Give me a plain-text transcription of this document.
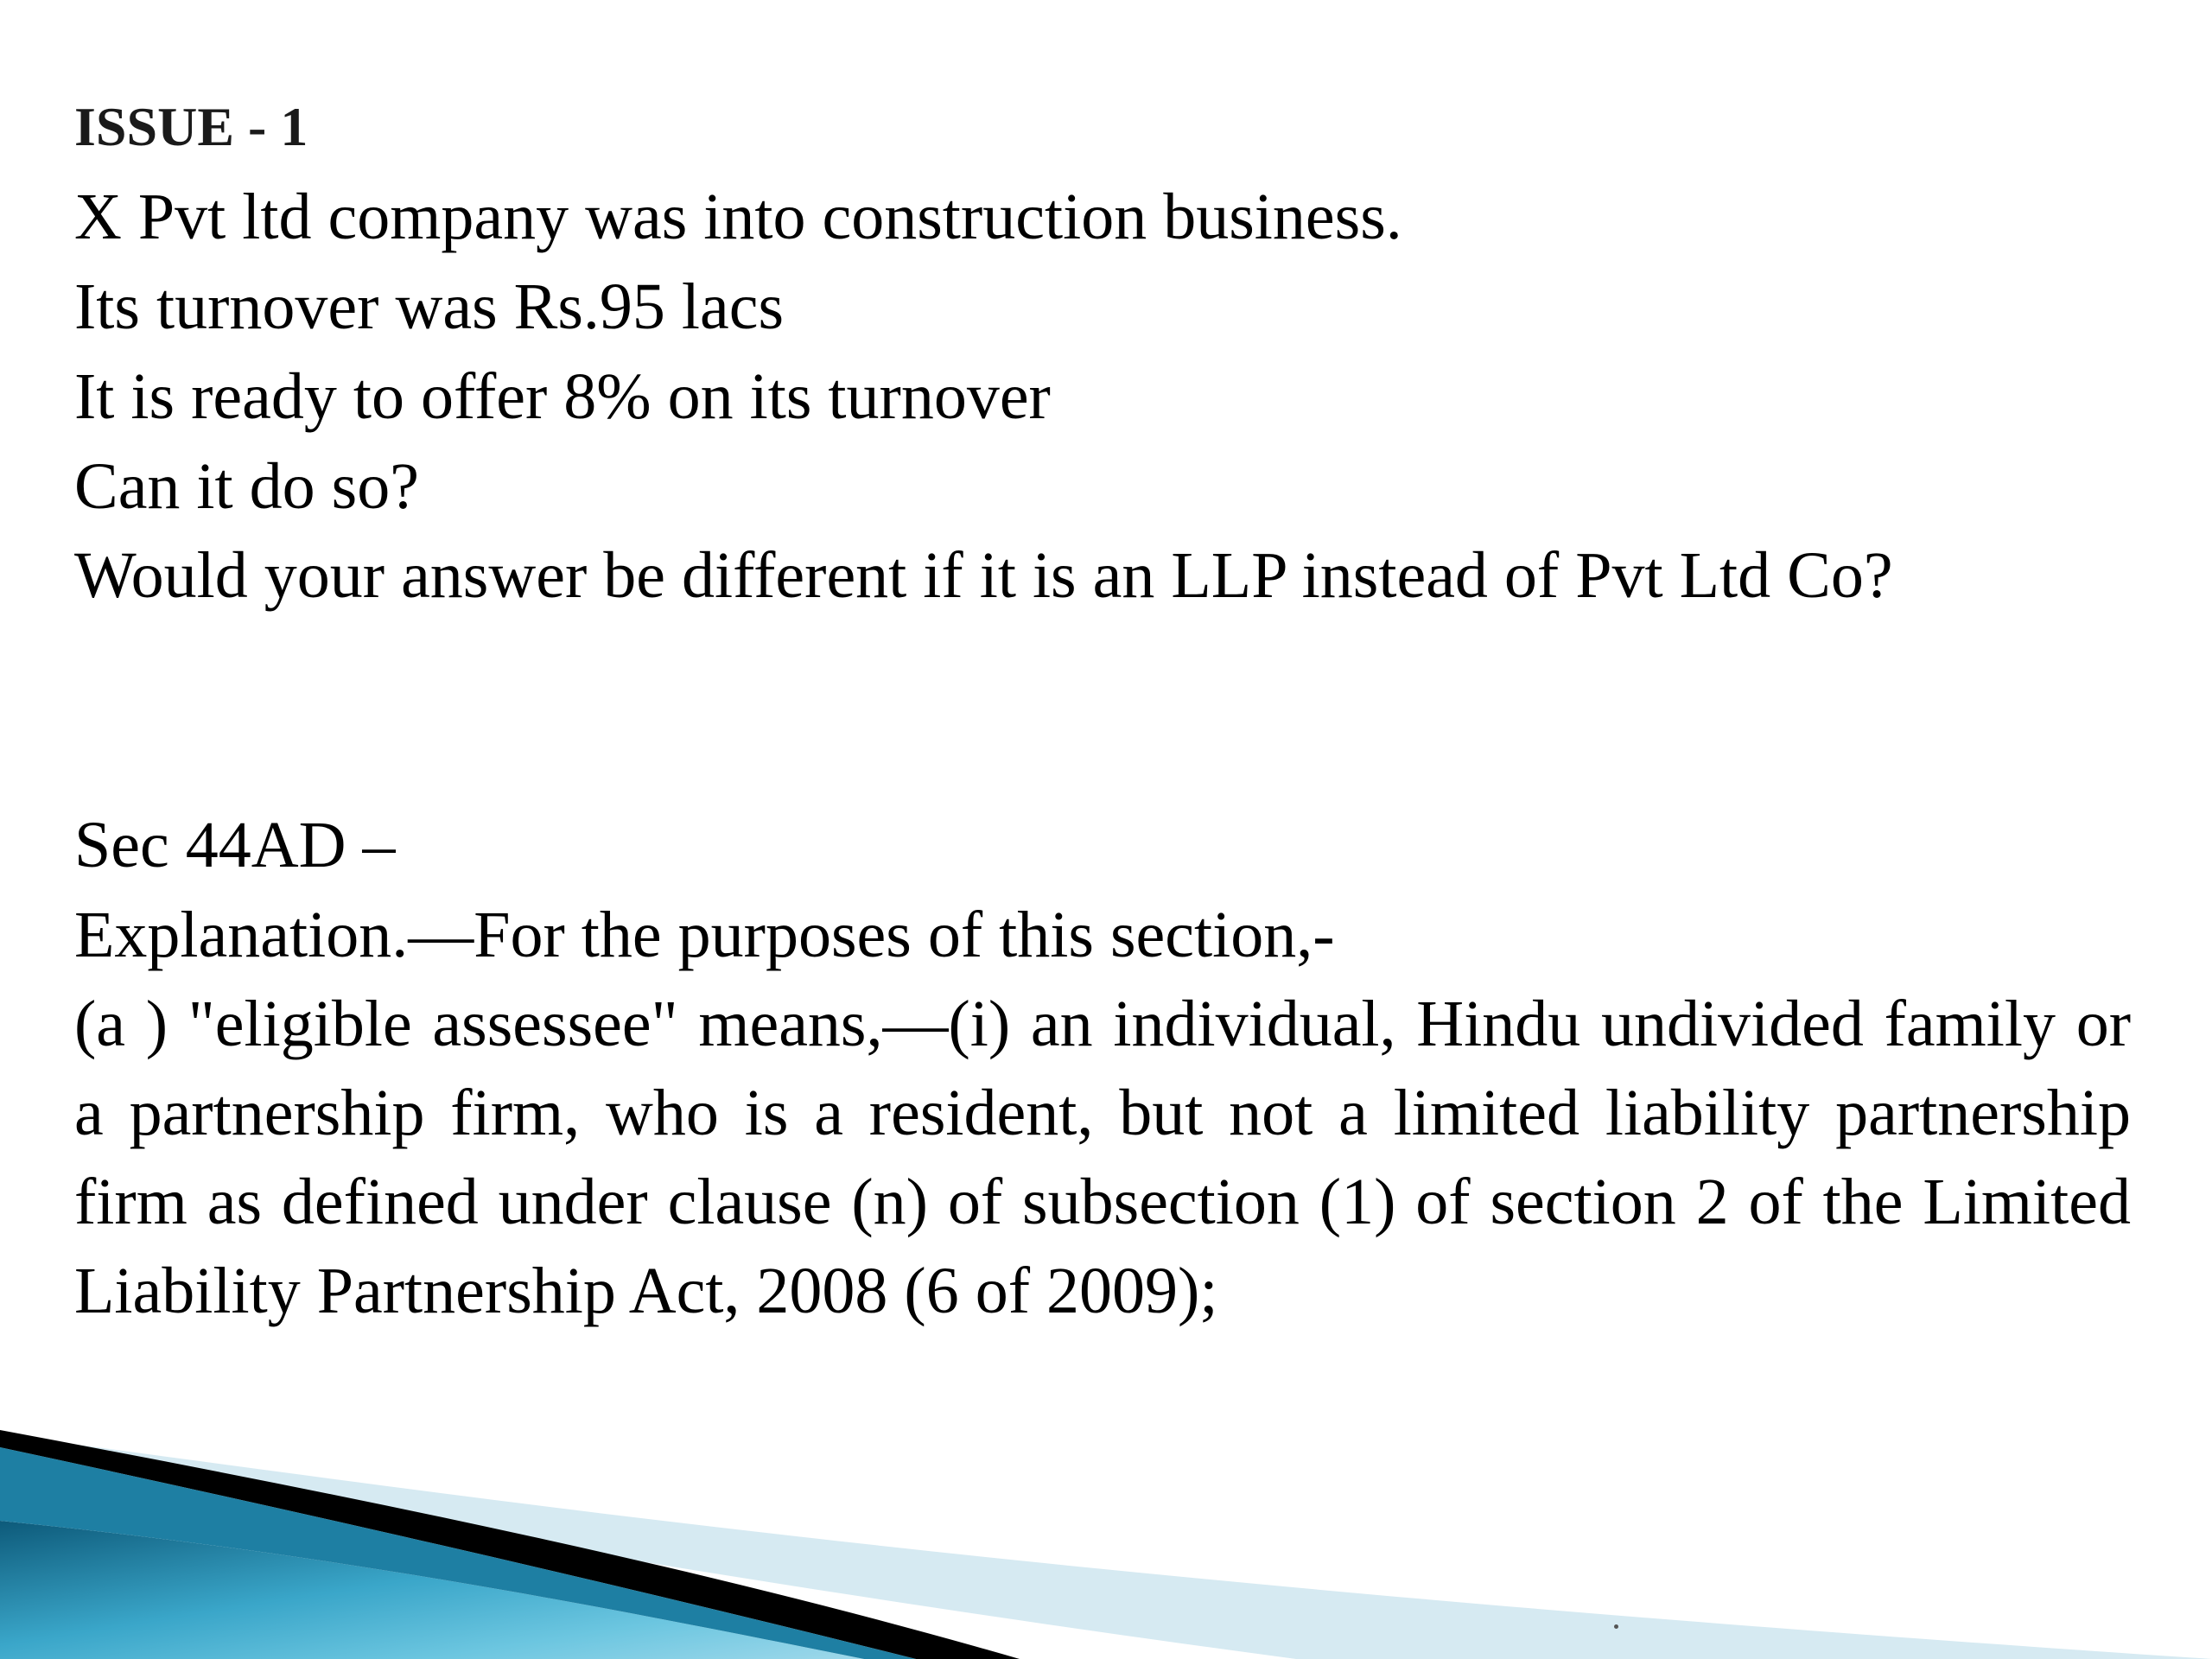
ISSUE - 1

X Pvt ltd company was into construction business.

Its turnover was Rs.95 lacs

It is ready to offer 8% on its turnover

Can it do so?

Would your answer be different if it is an LLP instead of Pvt Ltd Co?

Sec 44AD –

Explanation.—For the purposes of this section,-

(a ) "eligible assessee" means,—(i) an individual, Hindu undivided family or a partnership firm, who is a resident, but not a limited liability partnership firm as defined under clause (n) of subsection (1) of section 2 of the Limited Liability Partnership Act, 2008 (6 of 2009);
